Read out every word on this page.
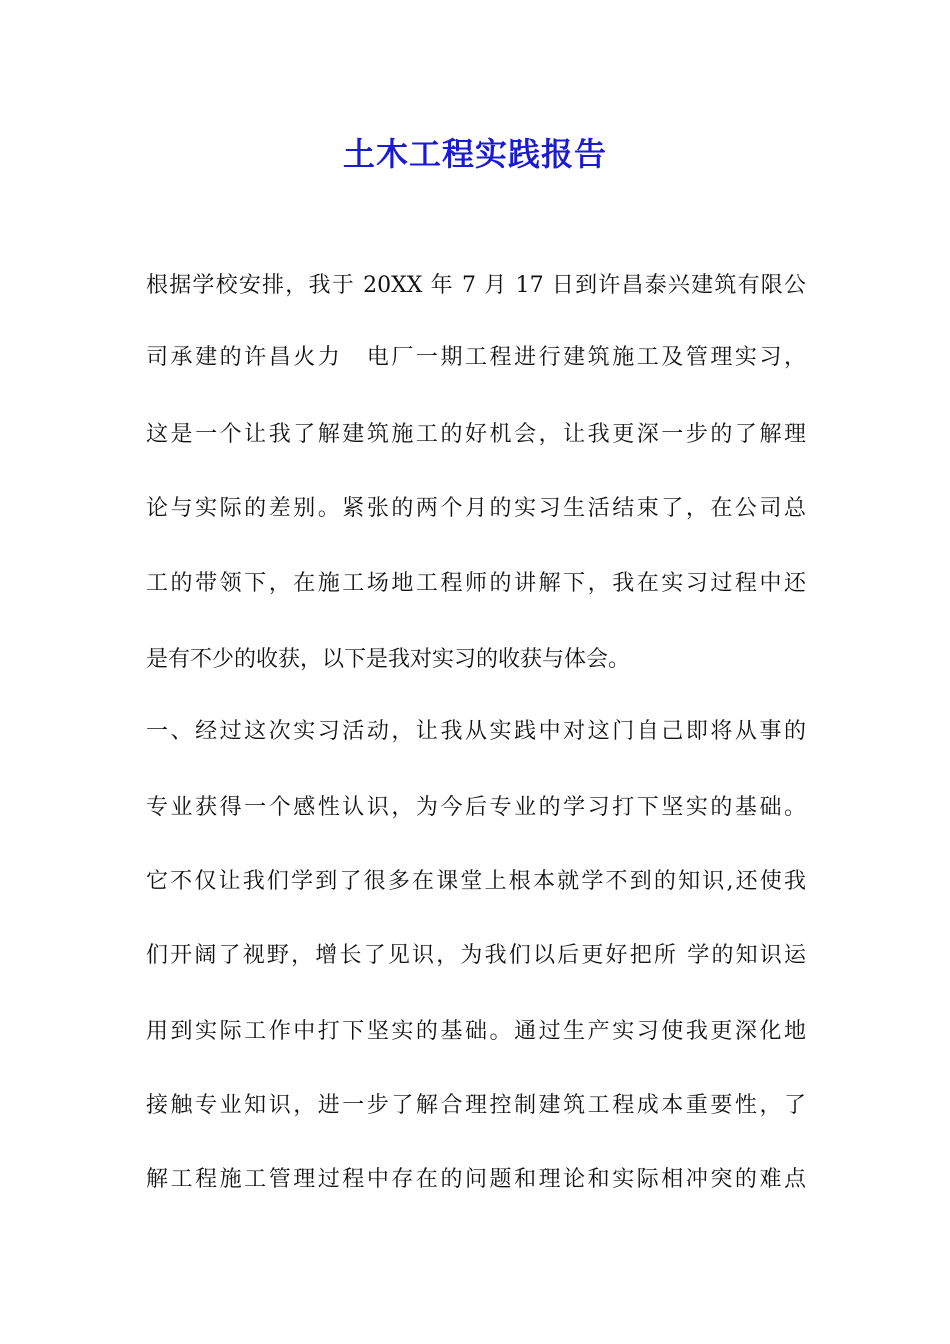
土木工程实践报告
根据学校安排，我于 20XX 年 7 月 17 日到许昌泰兴建筑有限公
司承建的许昌火力　电厂一期工程进行建筑施工及管理实习，
这是一个让我了解建筑施工的好机会，让我更深一步的了解理
论与实际的差别。紧张的两个月的实习生活结束了，在公司总
工的带领下，在施工场地工程师的讲解下，我在实习过程中还
是有不少的收获，以下是我对实习的收获与体会。
一、经过这次实习活动，让我从实践中对这门自己即将从事的
专业获得一个感性认识，为今后专业的学习打下坚实的基础。
它不仅让我们学到了很多在课堂上根本就学不到的知识,还使我
们开阔了视野，增长了见识，为我们以后更好把所 学的知识运
用到实际工作中打下坚实的基础。通过生产实习使我更深化地
接触专业知识，进一步了解合理控制建筑工程成本重要性，了
解工程施工管理过程中存在的问题和理论和实际相冲突的难点
